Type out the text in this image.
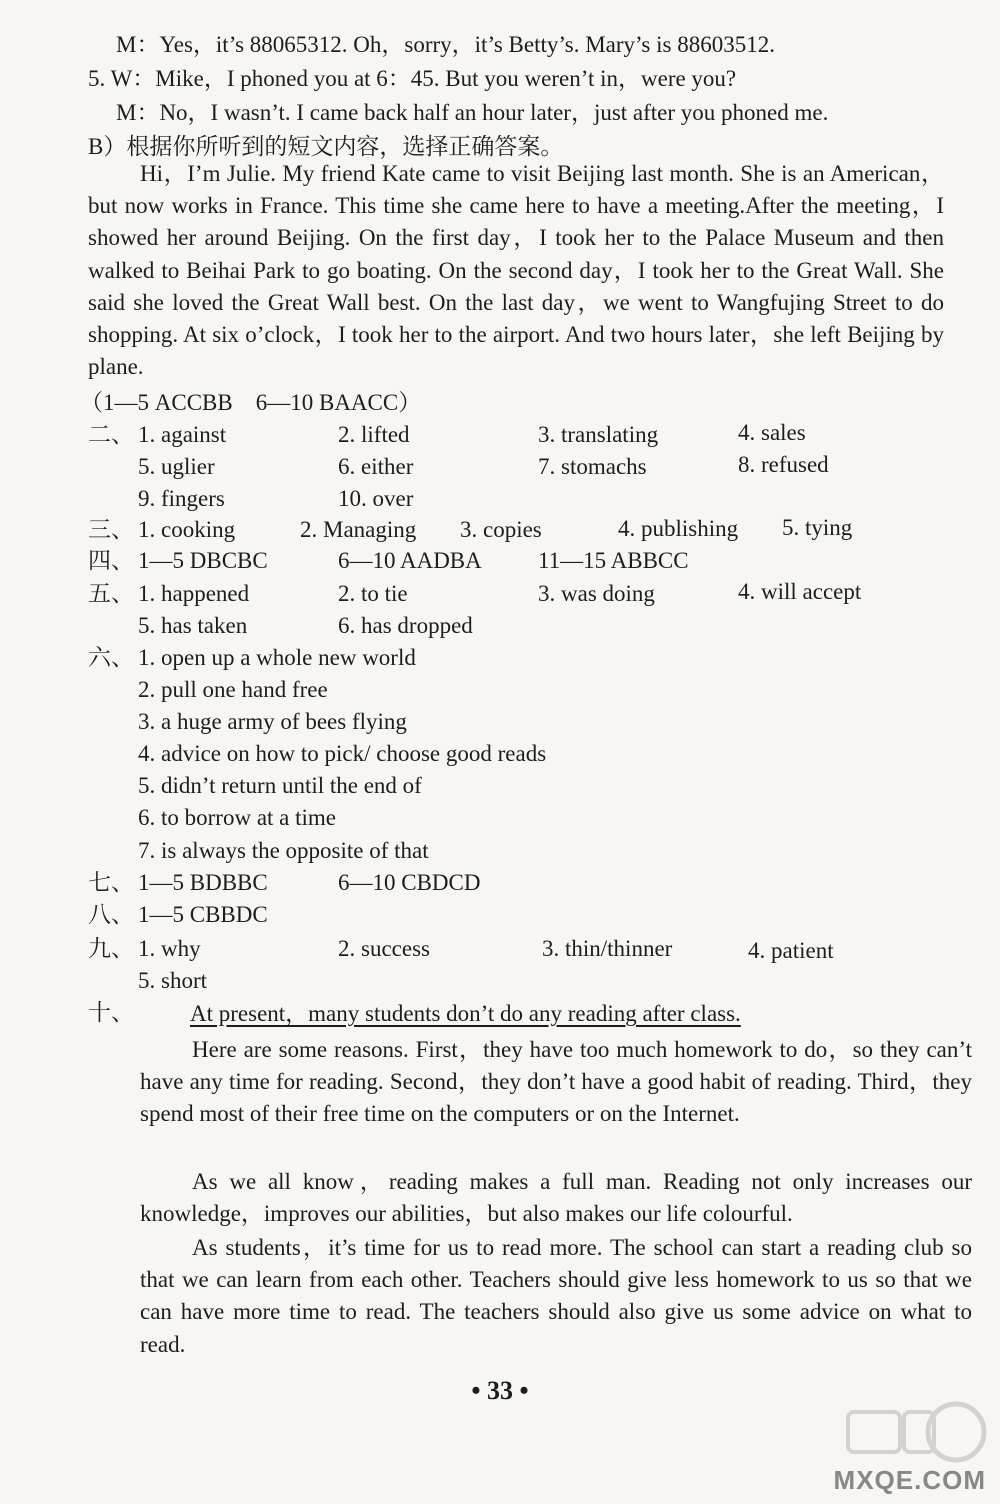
M：Yes，it’s 88065312. Oh，sorry，it’s Betty’s. Mary’s is 88603512.
5. W：Mike，I phoned you at 6：45. But you weren’t in，were you?
M：No，I wasn’t. I came back half an hour later，just after you phoned me.
B）根据你所听到的短文内容，选择正确答案。
Hi，I’m Julie. My friend Kate came to visit Beijing last month. She is an American，but now works in France. This time she came here to have a meeting.After the meeting，I showed her around Beijing. On the first day，I took her to the Palace Museum and then walked to Beihai Park to go boating. On the second day，I took her to the Great Wall. She said she loved the Great Wall best. On the last day，we went to Wangfujing Street to do shopping. At six o’clock，I took her to the airport. And two hours later，she left Beijing by plane.
（1—5 ACCBB　6—10 BAACC）
二、 1. against	2. lifted	3. translating	4. sales
5. uglier	6. either	7. stomachs	8. refused
9. fingers	10. over
三、 1. cooking	2. Managing 3. copies	4. publishing 5. tying
四、 1—5 DBCBC	6—10 AADBA 11—15 ABBCC
五、 1. happened	2. to tie	3. was doing	4. will accept
5. has taken	6. has dropped
六、 1. open up a whole new world
2. pull one hand free
3. a huge army of bees flying
4. advice on how to pick/ choose good reads
5. didn’t return until the end of
6. to borrow at a time
7. is always the opposite of that
七、 1—5 BDBBC	6—10 CBDCD
八、 1—5 CBBDC
九、 1. why	2. success	3. thin/thinner	4. patient
5. short
十、 At present，many students don’t do any reading after class.
Here are some reasons. First，they have too much homework to do，so they can’t have any time for reading. Second，they don’t have a good habit of reading. Third，they spend most of their free time on the computers or on the Internet.
As we all know，reading makes a full man. Reading not only increases our knowledge，improves our abilities，but also makes our life colourful.
As students，it’s time for us to read more. The school can start a reading club so that we can learn from each other. Teachers should give less homework to us so that we can have more time to read. The teachers should also give us some advice on what to read.
• 33 •
MXQE.COM
